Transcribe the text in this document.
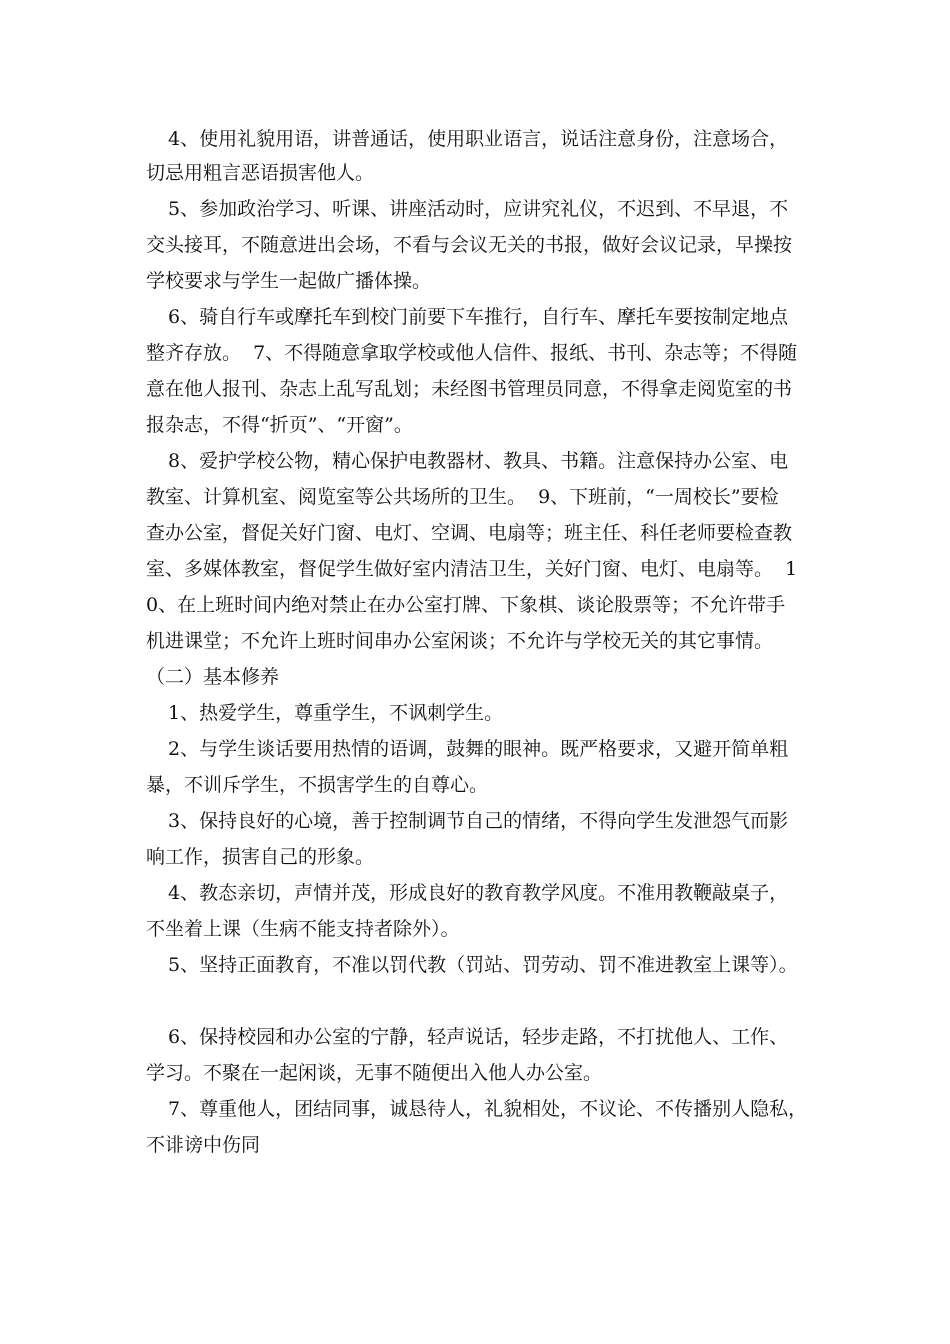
4、使用礼貌用语，讲普通话，使用职业语言，说话注意身份，注意场合，

切忌用粗言恶语损害他人。

5、参加政治学习、听课、讲座活动时，应讲究礼仪，不迟到、不早退，不

交头接耳，不随意进出会场，不看与会议无关的书报，做好会议记录，早操按

学校要求与学生一起做广播体操。

6、骑自行车或摩托车到校门前要下车推行，自行车、摩托车要按制定地点

整齐存放。  7、不得随意拿取学校或他人信件、报纸、书刊、杂志等；不得随

意在他人报刊、杂志上乱写乱划；未经图书管理员同意，不得拿走阅览室的书

报杂志，不得“折页”、“开窗”。

8、爱护学校公物，精心保护电教器材、教具、书籍。注意保持办公室、电

教室、计算机室、阅览室等公共场所的卫生。  9、下班前，“一周校长”要检

查办公室，督促关好门窗、电灯、空调、电扇等；班主任、科任老师要检查教

室、多媒体教室，督促学生做好室内清洁卫生，关好门窗、电灯、电扇等。  1

0、在上班时间内绝对禁止在办公室打牌、下象棋、谈论股票等；不允许带手

机进课堂；不允许上班时间串办公室闲谈；不允许与学校无关的其它事情。

（二）基本修养

1、热爱学生，尊重学生，不讽刺学生。

2、与学生谈话要用热情的语调，鼓舞的眼神。既严格要求，又避开简单粗

暴，不训斥学生，不损害学生的自尊心。

3、保持良好的心境，善于控制调节自己的情绪，不得向学生发泄怨气而影

响工作，损害自己的形象。

4、教态亲切，声情并茂，形成良好的教育教学风度。不准用教鞭敲桌子，

不坐着上课（生病不能支持者除外）。

5、坚持正面教育，不准以罚代教（罚站、罚劳动、罚不准进教室上课等）。

6、保持校园和办公室的宁静，轻声说话，轻步走路，不打扰他人、工作、

学习。不聚在一起闲谈，无事不随便出入他人办公室。

7、尊重他人，团结同事，诚恳待人，礼貌相处，不议论、不传播别人隐私，

不诽谤中伤同
